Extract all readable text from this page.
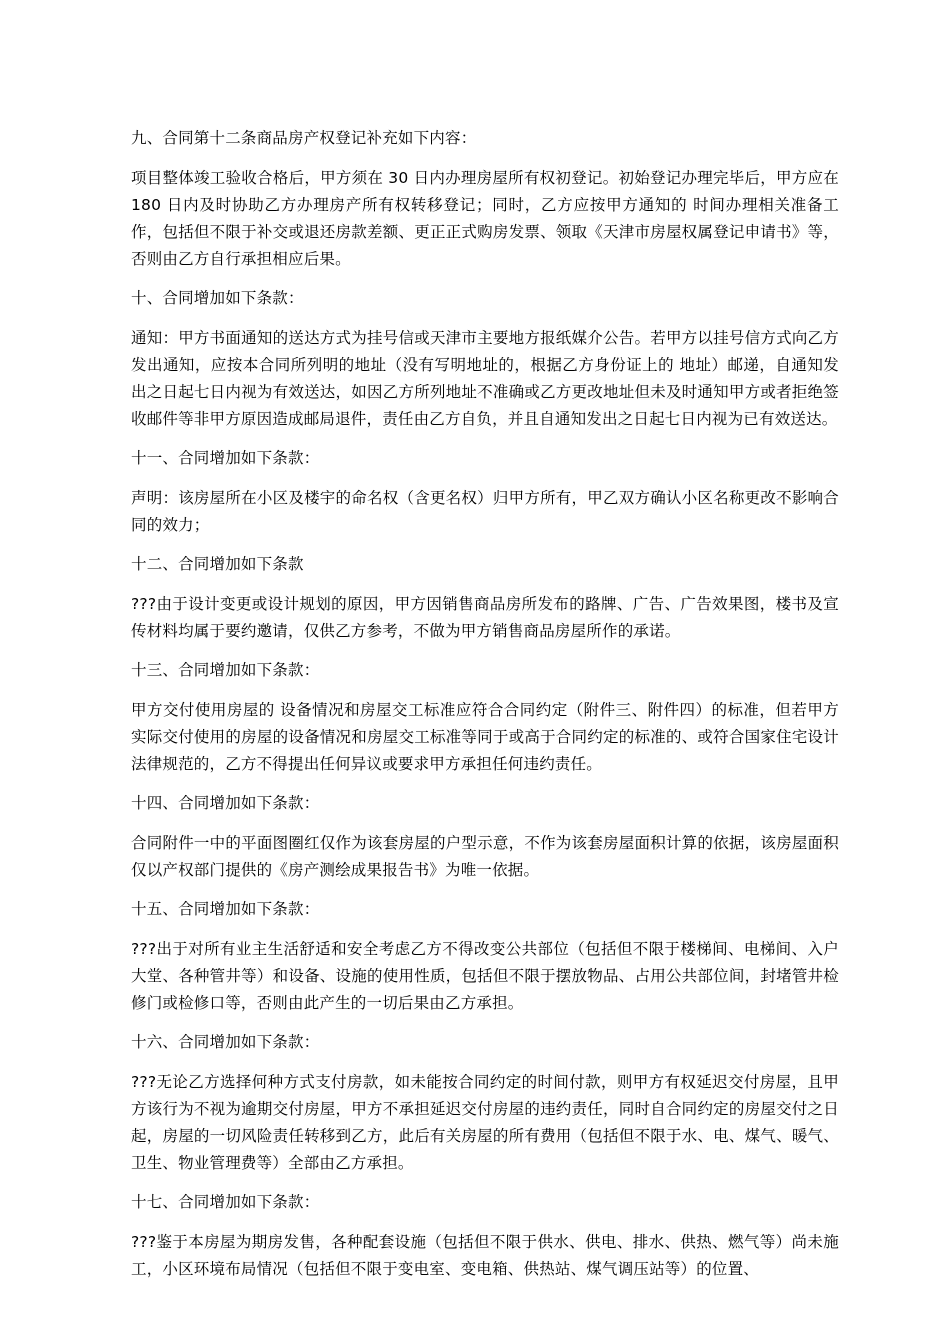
九、合同第十二条商品房产权登记补充如下内容：

项目整体竣工验收合格后，甲方须在 30 日内办理房屋所有权初登记。初始登记办理完毕后，甲方应在 180 日内及时协助乙方办理房产所有权转移登记；同时，乙方应按甲方通知的 时间办理相关准备工作，包括但不限于补交或退还房款差额、更正正式购房发票、领取《天津市房屋权属登记申请书》等，否则由乙方自行承担相应后果。

十、合同增加如下条款：

通知：甲方书面通知的送达方式为挂号信或天津市主要地方报纸媒介公告。若甲方以挂号信方式向乙方发出通知，应按本合同所列明的地址（没有写明地址的，根据乙方身份证上的 地址）邮递，自通知发出之日起七日内视为有效送达，如因乙方所列地址不准确或乙方更改地址但未及时通知甲方或者拒绝签收邮件等非甲方原因造成邮局退件，责任由乙方自负，并且自通知发出之日起七日内视为已有效送达。

十一、合同增加如下条款：

声明：该房屋所在小区及楼宇的命名权（含更名权）归甲方所有，甲乙双方确认小区名称更改不影响合同的效力；

十二、合同增加如下条款

???由于设计变更或设计规划的原因，甲方因销售商品房所发布的路牌、广告、广告效果图，楼书及宣传材料均属于要约邀请，仅供乙方参考，不做为甲方销售商品房屋所作的承诺。

十三、合同增加如下条款：

甲方交付使用房屋的 设备情况和房屋交工标准应符合合同约定（附件三、附件四）的标准，但若甲方实际交付使用的房屋的设备情况和房屋交工标准等同于或高于合同约定的标准的、或符合国家住宅设计法律规范的，乙方不得提出任何异议或要求甲方承担任何违约责任。

十四、合同增加如下条款：

合同附件一中的平面图圈红仅作为该套房屋的户型示意，不作为该套房屋面积计算的依据，该房屋面积仅以产权部门提供的《房产测绘成果报告书》为唯一依据。

十五、合同增加如下条款：

???出于对所有业主生活舒适和安全考虑乙方不得改变公共部位（包括但不限于楼梯间、电梯间、入户大堂、各种管井等）和设备、设施的使用性质，包括但不限于摆放物品、占用公共部位间，封堵管井检修门或检修口等，否则由此产生的一切后果由乙方承担。

十六、合同增加如下条款：

???无论乙方选择何种方式支付房款，如未能按合同约定的时间付款，则甲方有权延迟交付房屋，且甲方该行为不视为逾期交付房屋，甲方不承担延迟交付房屋的违约责任，同时自合同约定的房屋交付之日起，房屋的一切风险责任转移到乙方，此后有关房屋的所有费用（包括但不限于水、电、煤气、暖气、卫生、物业管理费等）全部由乙方承担。

十七、合同增加如下条款：

???鉴于本房屋为期房发售，各种配套设施（包括但不限于供水、供电、排水、供热、燃气等）尚未施工，小区环境布局情况（包括但不限于变电室、变电箱、供热站、煤气调压站等）的位置、
